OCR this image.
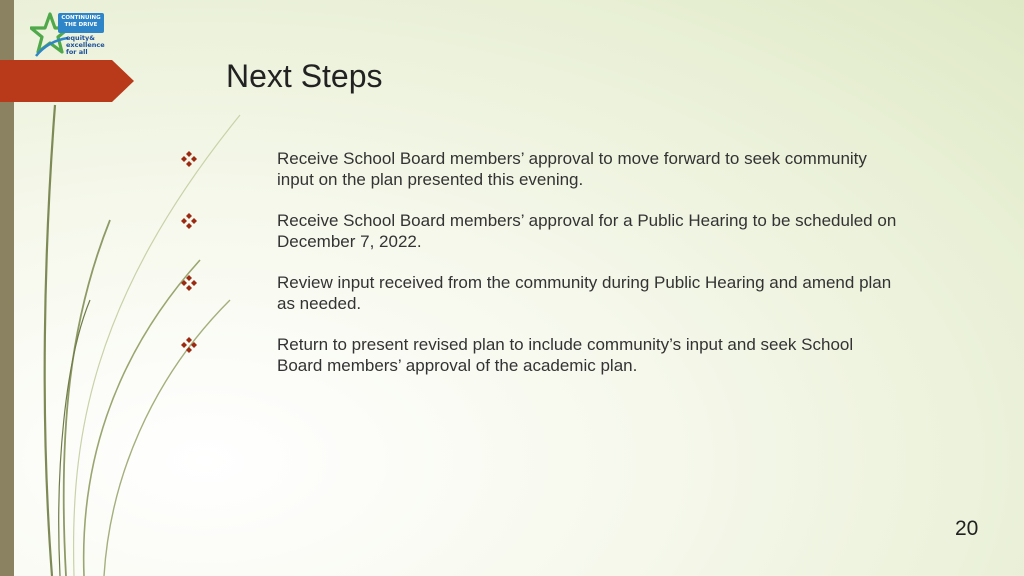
CONTINUING
THE DRIVE
equity&
excellence
for all
Next Steps
Receive School Board members’ approval to move forward to seek community input on the plan presented this evening.
Receive School Board members’ approval for a Public Hearing to be scheduled on December 7, 2022.
Review input received from the community during Public Hearing and amend plan as needed.
Return to present revised plan to include community’s input and seek School Board members’ approval of the academic plan.
20
